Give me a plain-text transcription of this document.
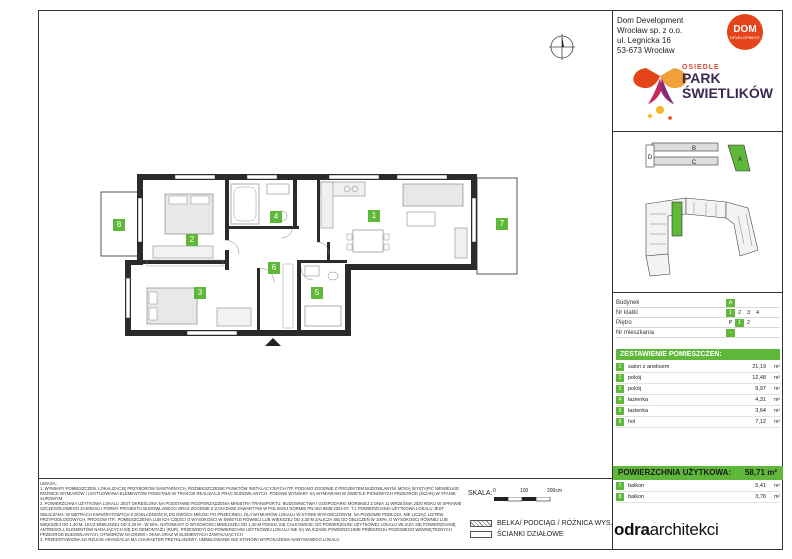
Dom Development
Wrocław sp. z o.o.
ul. Legnicka 16
53-673 Wrocław
DOM
DEVELOPMENT
OSIEDLE
PARK
ŚWIETLIKÓW
B
C
D	A
Budynek	A
Nr klatki	1	2	3	4
Piętro	P	1	2
Nr mieszkania	-
ZESTAWIENIE POMIESZCZEŃ:
1	salon z aneksem	21,19	m²
2	pokój	12,48	m²
3	pokój	9,97	m²
4	łazienka	4,31	m²
5	łazienka	3,64	m²
6	hol	7,12	m²
POWIERZCHNIA UŻYTKOWA:	58,71 m²
7	balkon	5,41	m²
8	balkon	3,78	m²
UWAGA:
1. WYMIARY POMIESZCZEŃ, LOKALIZACJĘ PRZYBORÓW SANITARNYCH, ROZMIESZCZENIE PUNKTÓW INSTALACYJNYCH ITP. PODANO ZGODNIE Z PROJEKTEM BUDOWLANYM. MOGĄ WYSTĄPIĆ NIEWIELKIE RÓŻNICE WYMIARÓW I USYTUOWANIA ELEMENTÓW POWSTAŁE W TRAKCIE REALIZACJI PRAC BUDOWLANYCH. PODANE WYMIARY SĄ WYMIARAMI W ŚWIETLE PIONOWYCH PRZEGRÓD (ŚCIAN) W STANIE SUROWYM
2. POWIERZCHNIA UŻYTKOWA LOKALU JEST OKREŚLONA NA PODSTAWIE ROZPORZĄDZENIA MINISTRA TRANSPORTU, BUDOWNICTWA I GOSPODARKI MORSKIEJ Z DNIA 11 WRZEŚNIA 2020 ROKU W SPRAWIE SZCZEGÓŁOWEGO ZAKRESU I FORMY PROJEKTU BUDOWLANEGO ORAZ ZGODNIE Z ZASADAMI ZAWARTYMI W POLSKIEJ NORMIE PN-ISO 9836:2022-07. TJ. POWIERZCHNIA UŻYTKOWA LOKALU JEST OBLICZANA: W METRACH KWADRATOWYCH Z DOKŁADNOŚCIĄ DO DWÓCH MIEJSC PO PRZECINKU, DLA WYMIARÓW LOKALU W STANIE WYKOŃCZONYM, NA POZIOMIE PODŁOGI, NIE LICZĄC LISTEW PRZYPODŁOGOWYCH, PROGÓW ITP.; POMIESZCZENIA LUB ICH CZĘŚCI O WYSOKOŚCI W ŚWIETLE RÓWNEJ LUB WIĘKSZEJ OD 2,20 M ZALICZA SIĘ DO OBLICZEŃ W 100%, O WYSOKOŚCI RÓWNEJ LUB WIĘKSZEJ OD 1,40 M, LECZ MNIEJSZEJ OD 2,20 M - W 50%, NATOMIAST O WYSOKOŚCI MNIEJSZEJ OD 1,40 M POMIJA SIĘ CAŁKOWICIE; DO POWIERZCHNI UŻYTKOWEJ LOKALU WLICZA SIĘ POWIERZCHNIĘ ANTRESOLI, ELEMENTÓW NADAJĄCYCH SIĘ DO DEMONTAŻU (RUR). PRZEWODY) DO POWIERZCHNI UŻYTKOWEJ LOKALU NIE SĄ WLICZANE POWIERZCHNIE PRZEKROJU POZIOMEGO WEWNĘTRZNYCH PRZEGRÓD BUDOWLANYCH, OTWORÓW NA DRZWI I OKNA ORAZ W ELEMENTACH ZAMYKAJĄCYCH
3. PRZEDSTAWIONA NA RZUCIE ARANŻACJA MA CHARAKTER PRZYKŁADOWY, UMEBLOWANIE NIE STANOWI WYPOSAŻENIA NABYWANEGO LOKALU
SKALA: 0	100	200cm
BELKA/ PODCIĄG / RÓŻNICA WYS.
ŚCIANKI DZIAŁOWE	odraarchitekci
1
2
3
4
5
6
7
8
